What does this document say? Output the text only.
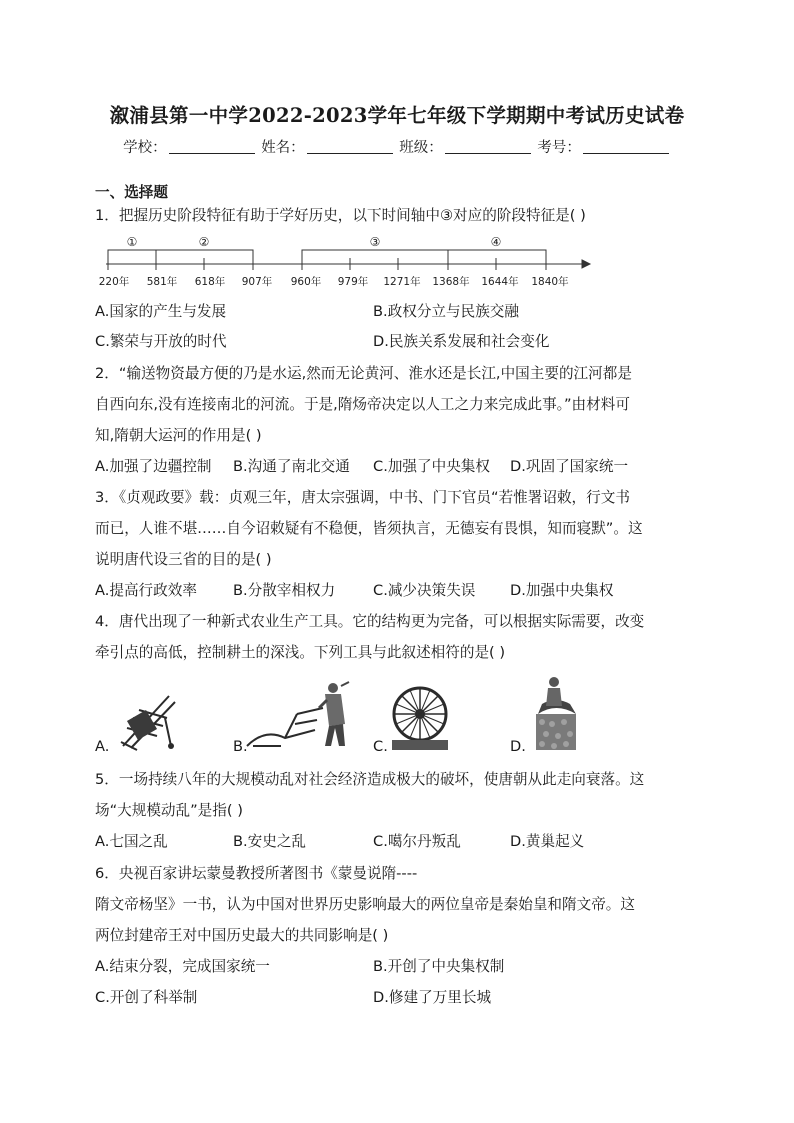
溆浦县第一中学2022-2023学年七年级下学期期中考试历史试卷
学校：	姓名：	班级：	考号：
一、选择题
1．把握历史阶段特征有助于学好历史，以下时间轴中③对应的阶段特征是( )
①	②	③	④
220年 581年 618年 907年 960年 979年 1271年 1368年 1644年 1840年
A.国家的产生与发展	B.政权分立与民族交融
C.繁荣与开放的时代	D.民族关系发展和社会变化
2．“输送物资最方便的乃是水运,然而无论黄河、淮水还是长江,中国主要的江河都是
自西向东,没有连接南北的河流。于是,隋炀帝决定以人工之力来完成此事。”由材料可
知,隋朝大运河的作用是( )
A.加强了边疆控制 B.沟通了南北交通 C.加强了中央集权 D.巩固了国家统一
3．《贞观政要》载：贞观三年，唐太宗强调，中书、门下官员“若惟署诏敕，行文书
而已，人谁不堪……自今诏敕疑有不稳便，皆须执言，无德妄有畏惧，知而寝默”。这
说明唐代设三省的目的是( )
A.提高行政效率 B.分散宰相权力	C.减少决策失误 D.加强中央集权
4．唐代出现了一种新式农业生产工具。它的结构更为完备，可以根据实际需要，改变
牵引点的高低，控制耕土的深浅。下列工具与此叙述相符的是( )
A.	B.	C.	D.
5．一场持续八年的大规模动乱对社会经济造成极大的破坏，使唐朝从此走向衰落。这
场“大规模动乱”是指( )
A.七国之乱	B.安史之乱	C.噶尔丹叛乱	D.黄巢起义
6．央视百家讲坛蒙曼教授所著图书《蒙曼说隋----
隋文帝杨坚》一书，认为中国对世界历史影响最大的两位皇帝是秦始皇和隋文帝。这
两位封建帝王对中国历史最大的共同影响是( )
A.结束分裂，完成国家统一	B.开创了中央集权制
C.开创了科举制	D.修建了万里长城
